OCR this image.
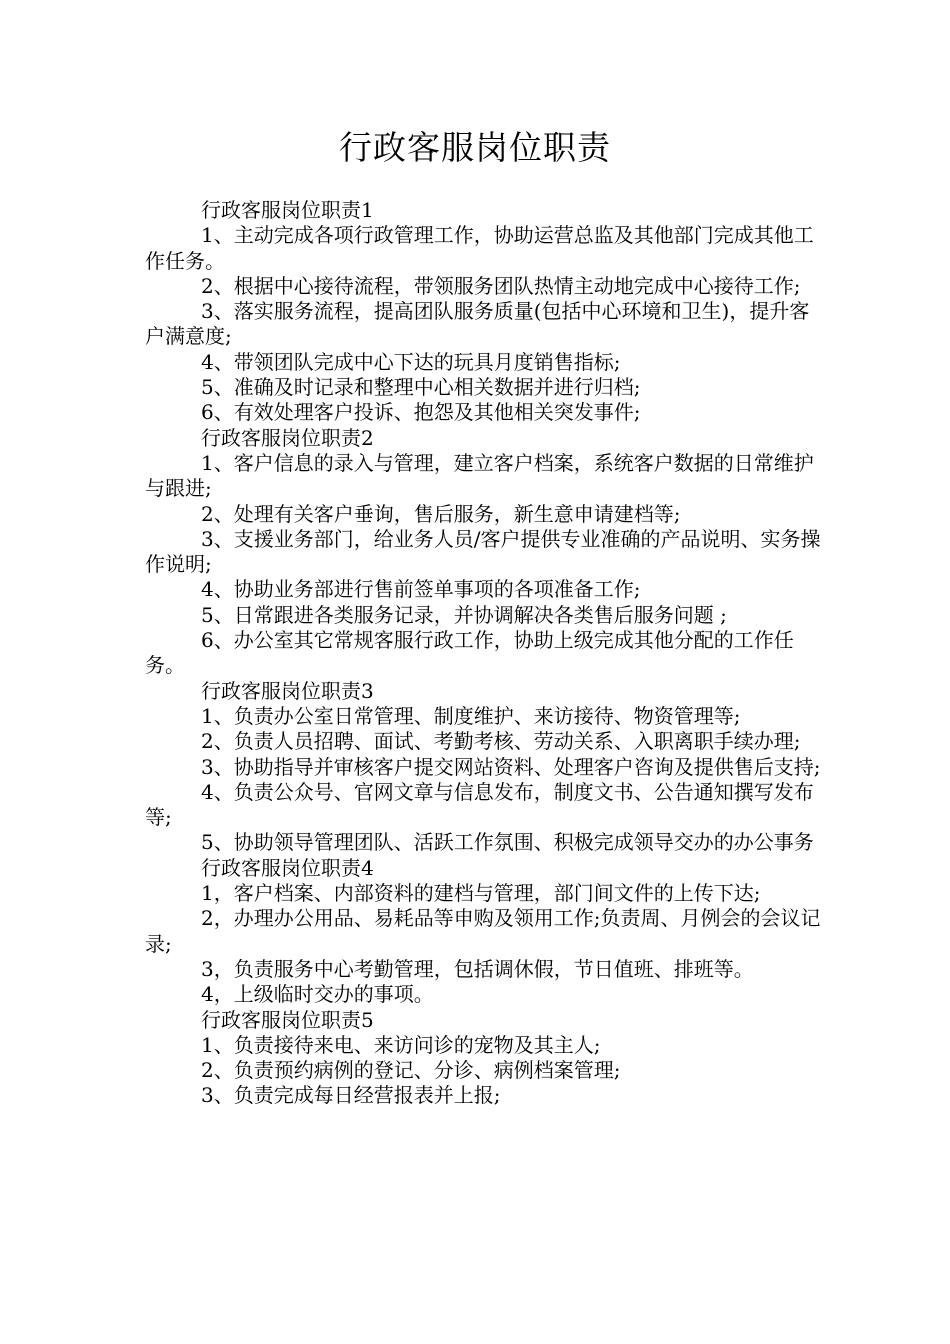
行政客服岗位职责

行政客服岗位职责1

1、主动完成各项行政管理工作，协助运营总监及其他部门完成其他工作任务。

2、根据中心接待流程，带领服务团队热情主动地完成中心接待工作;

3、落实服务流程，提高团队服务质量(包括中心环境和卫生)，提升客户满意度;

4、带领团队完成中心下达的玩具月度销售指标;

5、准确及时记录和整理中心相关数据并进行归档;

6、有效处理客户投诉、抱怨及其他相关突发事件;

行政客服岗位职责2

1、客户信息的录入与管理，建立客户档案，系统客户数据的日常维护与跟进;

2、处理有关客户垂询，售后服务，新生意申请建档等;

3、支援业务部门，给业务人员/客户提供专业准确的产品说明、实务操作说明;

4、协助业务部进行售前签单事项的各项准备工作;

5、日常跟进各类服务记录，并协调解决各类售后服务问题 ;

6、办公室其它常规客服行政工作，协助上级完成其他分配的工作任务。

行政客服岗位职责3

1、负责办公室日常管理、制度维护、来访接待、物资管理等;

2、负责人员招聘、面试、考勤考核、劳动关系、入职离职手续办理;

3、协助指导并审核客户提交网站资料、处理客户咨询及提供售后支持;

4、负责公众号、官网文章与信息发布，制度文书、公告通知撰写发布等;

5、协助领导管理团队、活跃工作氛围、积极完成领导交办的办公事务

行政客服岗位职责4

1，客户档案、内部资料的建档与管理，部门间文件的上传下达;

2，办理办公用品、易耗品等申购及领用工作;负责周、月例会的会议记录;

3，负责服务中心考勤管理，包括调休假，节日值班、排班等。

4，上级临时交办的事项。

行政客服岗位职责5

1、负责接待来电、来访问诊的宠物及其主人;

2、负责预约病例的登记、分诊、病例档案管理;

3、负责完成每日经营报表并上报;
